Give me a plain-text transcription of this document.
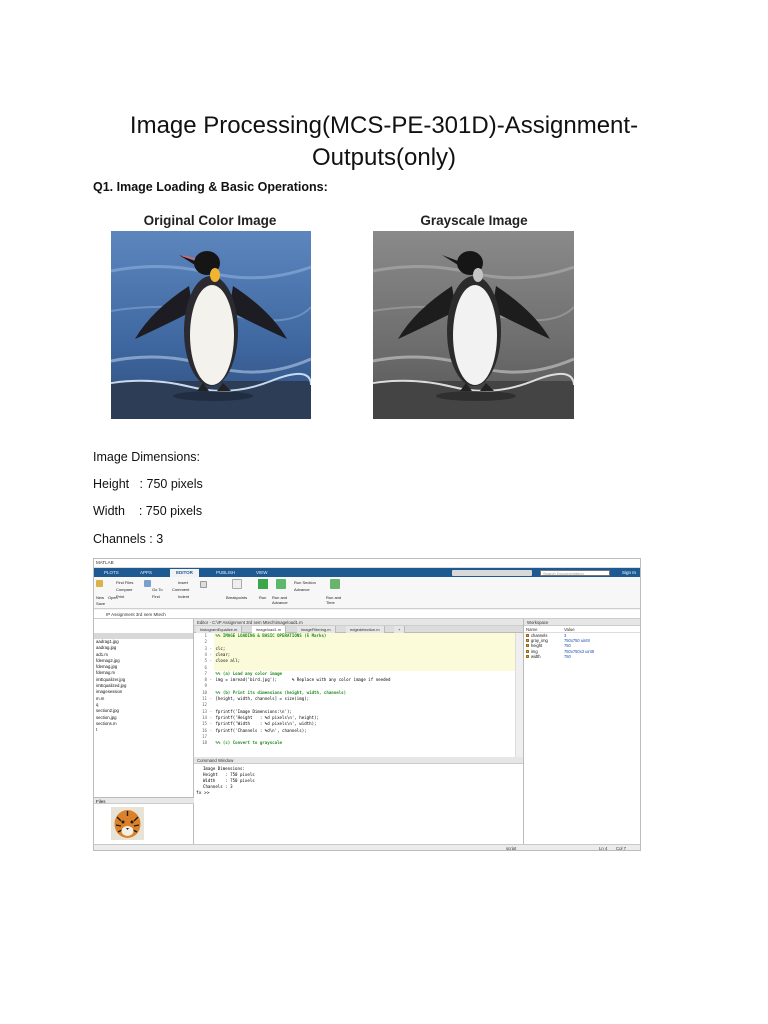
Image Processing(MCS-PE-301D)-Assignment-
Outputs(only)
Q1. Image Loading & Basic Operations:
Original Color Image	Grayscale Image
Image Dimensions:
Height   : 750 pixels
Width    : 750 pixels
Channels : 3
MATLAB
PLOTS	APPS	EDITOR	PUBLISH	VIEW	Search Documentation	Sign In
New Open
Save
Find Files
Compare
Print
Go To
Find
Insert
Comment
Indent	Breakpoints	Run Run and Advance
Run Section
Advance
Run and Time
IP Assignment 3rd sem Mtech
aadrag1.jpg
aadrag.jpg
ad1.m
fdemag2.jpg
fdemag.jpg
fdemag.m
imEqualizer.jpg
imEqualized.jpg
imagesession
m.m
q
section2.jpg
section.jpg
sections.m
t
Files
Editor - C:\IP Assignment 3rd sem Mtech\imageload1.m
histogramEqualize.m	imageload1.m	imageFiltering.m	edgedetection.m	+
1 %% IMAGE LOADING & BASIC OPERATIONS (5 Marks)
2
3 - clc;
4 - clear;
5 - close all;
6
7 %% (a) Load any color image
8 - img = imread('bird.jpg');      % Replace with any color image if needed
9
10 %% (b) Print its dimensions (height, width, channels)
11 - [height, width, channels] = size(img);
12
13 - fprintf('Image Dimensions:\n');
14 - fprintf('Height   : %d pixels\n', height);
15 - fprintf('Width    : %d pixels\n', width);
16 - fprintf('Channels : %d\n', channels);
17
18 %% (c) Convert to grayscale
Command Window
Image Dimensions:
Height   : 750 pixels
Width    : 750 pixels
Channels : 3
fx >>
Workspace
Name	Value
channels	3
gray_img	750x750 uint8
height	750
img	750x750x3 uint8
width	750
script	Ln 4 Col 7
